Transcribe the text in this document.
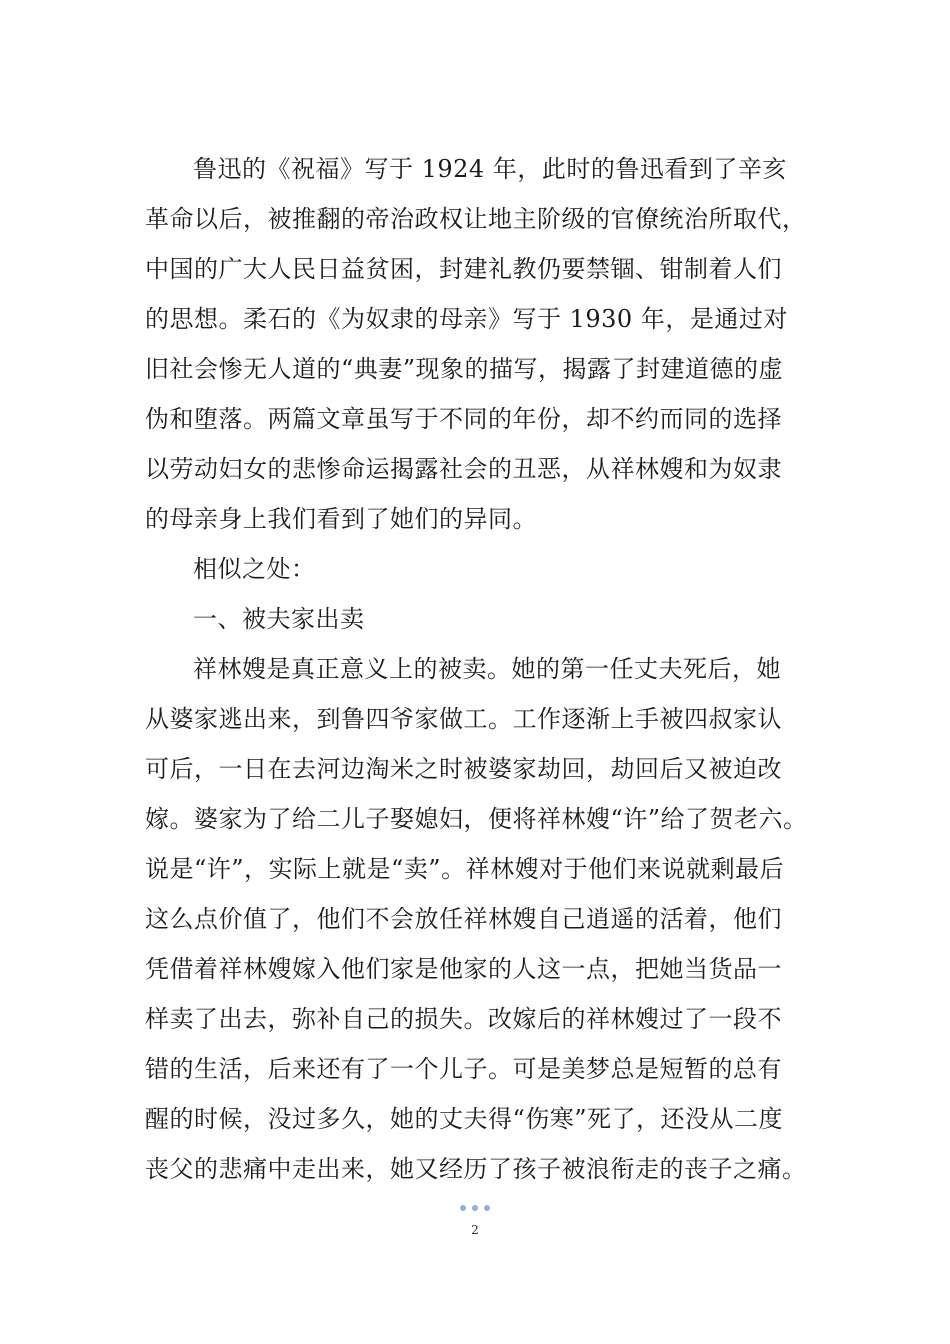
鲁迅的《祝福》写于 1924 年，此时的鲁迅看到了辛亥
革命以后，被推翻的帝治政权让地主阶级的官僚统治所取代，
中国的广大人民日益贫困，封建礼教仍要禁锢、钳制着人们
的思想。柔石的《为奴隶的母亲》写于 1930 年，是通过对
旧社会惨无人道的“典妻”现象的描写，揭露了封建道德的虚
伪和堕落。两篇文章虽写于不同的年份，却不约而同的选择
以劳动妇女的悲惨命运揭露社会的丑恶，从祥林嫂和为奴隶
的母亲身上我们看到了她们的异同。
相似之处：
一、被夫家出卖
祥林嫂是真正意义上的被卖。她的第一任丈夫死后，她
从婆家逃出来，到鲁四爷家做工。工作逐渐上手被四叔家认
可后，一日在去河边淘米之时被婆家劫回，劫回后又被迫改
嫁。婆家为了给二儿子娶媳妇，便将祥林嫂“许”给了贺老六。
说是“许”，实际上就是“卖”。祥林嫂对于他们来说就剩最后
这么点价值了，他们不会放任祥林嫂自己逍遥的活着，他们
凭借着祥林嫂嫁入他们家是他家的人这一点，把她当货品一
样卖了出去，弥补自己的损失。改嫁后的祥林嫂过了一段不
错的生活，后来还有了一个儿子。可是美梦总是短暂的总有
醒的时候，没过多久，她的丈夫得“伤寒”死了，还没从二度
丧父的悲痛中走出来，她又经历了孩子被浪衔走的丧子之痛。
2
